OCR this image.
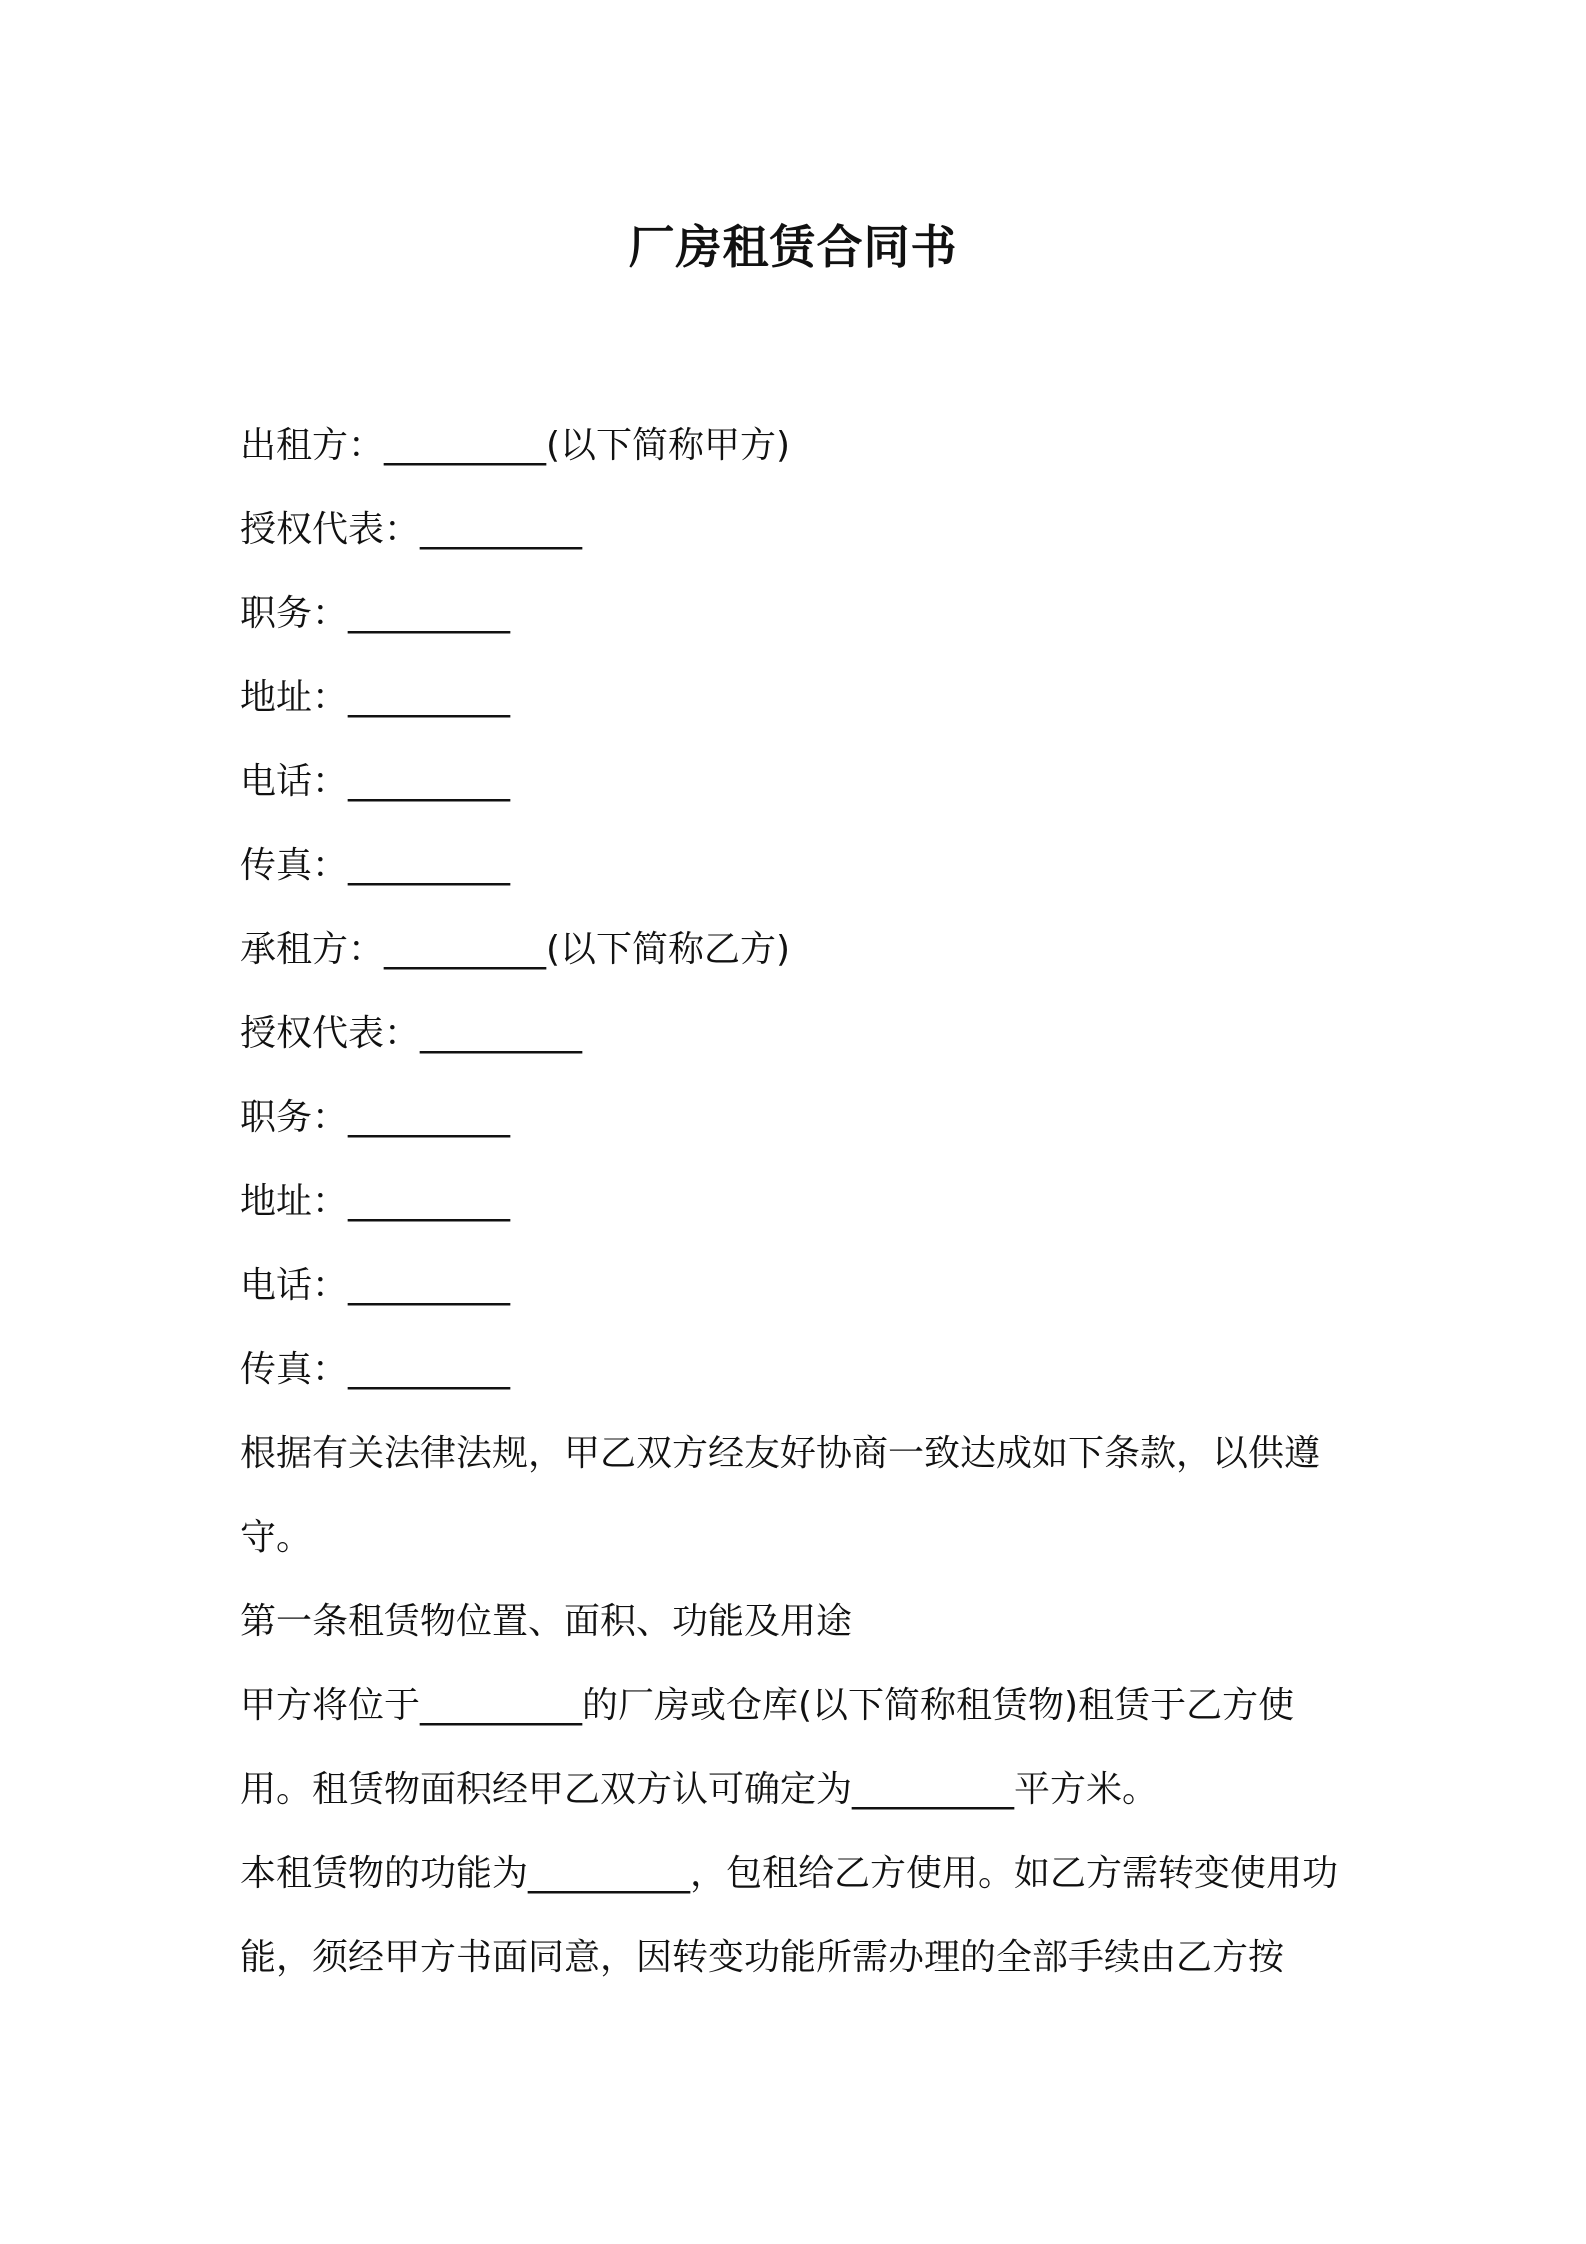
厂房租赁合同书
出租方：_________(以下简称甲方)
授权代表：_________
职务：_________
地址：_________
电话：_________
传真：_________
承租方：_________(以下简称乙方)
授权代表：_________
职务：_________
地址：_________
电话：_________
传真：_________
根据有关法律法规，甲乙双方经友好协商一致达成如下条款，以供遵守。
第一条租赁物位置、面积、功能及用途
甲方将位于_________的厂房或仓库(以下简称租赁物)租赁于乙方使用。租赁物面积经甲乙双方认可确定为_________平方米。
本租赁物的功能为_________，包租给乙方使用。如乙方需转变使用功能，须经甲方书面同意，因转变功能所需办理的全部手续由乙方按
